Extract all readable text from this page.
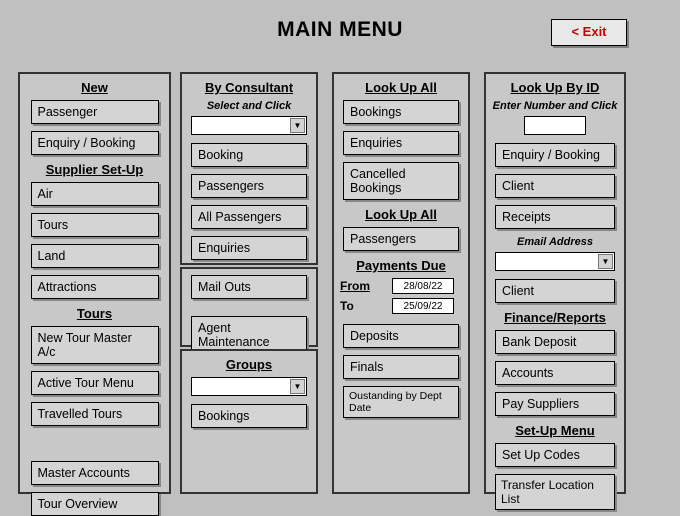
MAIN MENU	< Exit
New
Passenger
Enquiry / Booking
Supplier Set-Up
Air
Tours
Land
Attractions
Tours
New Tour Master A/c
Active Tour Menu
Travelled Tours
Master Accounts
Tour Overview
By Consultant
Select and Click
▼
Booking
Passengers
All Passengers
Enquiries
Mail Outs
Agent Maintenance
Groups
▼
Bookings
Look Up All
Bookings
Enquiries
Cancelled Bookings
Look Up All
Passengers
Payments Due
From	28/08/22
To	25/09/22
Deposits
Finals
Oustanding by Dept Date
Look Up By ID
Enter Number and Click
Enquiry / Booking
Client
Receipts
Email Address
▼
Client
Finance/Reports
Bank Deposit
Accounts
Pay Suppliers
Set-Up Menu
Set Up Codes
Transfer Location List
